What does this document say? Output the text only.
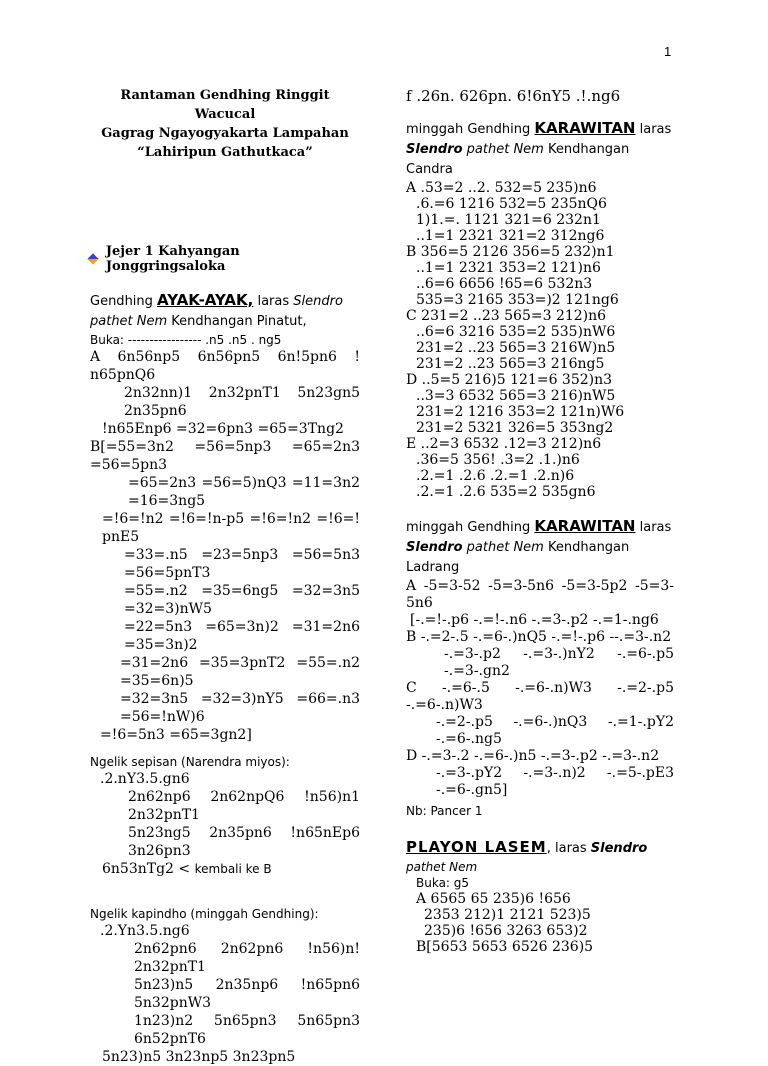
1
Rantaman Gendhing Ringgit Wacucal
Gagrag Ngayogyakarta Lampahan
“Lahiripun Gathutkaca”
Jejer 1 Kahyangan Jonggringsaloka
Gendhing AYAK-AYAK, laras Slendro
pathet Nem Kendhangan Pinatut,
Buka: ----------------- .n5 .n5 . ng5
A 6n56np5 6n56pn5 6n!5pn6 ! n65pnQ6
2n32nn)1 2n32pnT1 5n23gn5 2n35pn6
!n65Enp6 =32=6pn3 =65=3Tng2
B[=55=3n2 =56=5np3 =65=2n3 =56=5pn3
=65=2n3 =56=5)nQ3 =11=3n2 =16=3ng5
=!6=!n2 =!6=!n-p5 =!6=!n2 =!6=! pnE5
=33=.n5 =23=5np3 =56=5n3 =56=5pnT3
=55=.n2 =35=6ng5 =32=3n5 =32=3)nW5
=22=5n3 =65=3n)2 =31=2n6 =35=3n)2
=31=2n6 =35=3pnT2 =55=.n2 =35=6n)5
=32=3n5 =32=3)nY5 =66=.n3 =56=!nW)6
=!6=5n3 =65=3gn2]
Ngelik sepisan (Narendra miyos):
.2.nY3.5.gn6
2n62np6 2n62npQ6 !n56)n1 2n32pnT1
5n23ng5 2n35pn6 !n65nEp6 3n26pn3
6n53nTg2 < kembali ke B
Ngelik kapindho (minggah Gendhing):
.2.Yn3.5.ng6
2n62pn6 2n62pn6 !n56)n! 2n32pnT1
5n23)n5 2n35np6 !n65pn6 5n32pnW3
1n23)n2 5n65pn3 5n65pn3 6n52pnT6
5n23)n5 3n23np5 3n23pn5
f .26n. 626pn. 6!6nY5 .!.ng6
minggah Gendhing KARAWITAN laras
Slendro pathet Nem Kendhangan
Candra
A .53=2 ..2. 532=5 235)n6
.6.=6 1216 532=5 235nQ6
1)1.=. 1121 321=6 232n1
..1=1 2321 321=2 312ng6
B 356=5 2126 356=5 232)n1
..1=1 2321 353=2 121)n6
..6=6 6656 !65=6 532n3
535=3 2165 353=)2 121ng6
C 231=2 ..23 565=3 212)n6
..6=6 3216 535=2 535)nW6
231=2 ..23 565=3 216W)n5
231=2 ..23 565=3 216ng5
D ..5=5 216)5 121=6 352)n3
..3=3 6532 565=3 216)nW5
231=2 1216 353=2 121n)W6
231=2 5321 326=5 353ng2
E ..2=3 6532 .12=3 212)n6
.36=5 356! .3=2 .1.)n6
.2.=1 .2.6 .2.=1 .2.n)6
.2.=1 .2.6 535=2 535gn6
minggah Gendhing KARAWITAN laras
Slendro pathet Nem Kendhangan
Ladrang
A -5=3-52 -5=3-5n6 -5=3-5p2 -5=3- 5n6
[-.=!-.p6 -.=!-.n6 -.=3-.p2 -.=1-.ng6
B -.=2-.5 -.=6-.)nQ5 -.=!-.p6 --.=3-.n2
-.=3-.p2 -.=3-.)nY2 -.=6-.p5 -.=3-.gn2
C -.=6-.5 -.=6-.n)W3 -.=2-.p5 -.=6-.n)W3
-.=2-.p5 -.=6-.)nQ3 -.=1-.pY2 -.=6-.ng5
D -.=3-.2 -.=6-.)n5 -.=3-.p2 -.=3-.n2
-.=3-.pY2 -.=3-.n)2 -.=5-.pE3 -.=6-.gn5]
Nb: Pancer 1
PLAYON LASEM, laras Slendro

pathet Nem
Buka: g5
A 6565 65 235)6 !656
2353 212)1 2121 523)5
235)6 !656 3263 653)2
B[5653 5653 6526 236)5
